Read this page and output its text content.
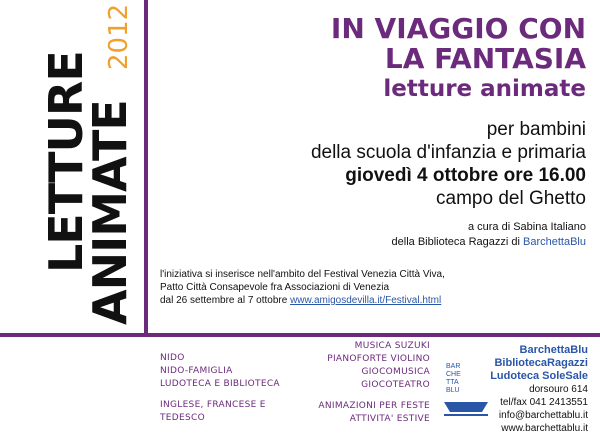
LETTURE
ANIMATE
2012	IN VIAGGIO CON
LA FANTASIA
letture animate
per bambini
della scuola d'infanzia e primaria
giovedì 4 ottobre ore 16.00
campo del Ghetto
a cura di Sabina Italiano
della Biblioteca Ragazzi di BarchettaBlu
l'iniziativa si inserisce nell'ambito del Festival Venezia Città Viva,
Patto Città Consapevole fra Associazioni di Venezia
dal 26 settembre al 7 ottobre www.amigosdevilla.it/Festival.html
NIDO
NIDO-FAMIGLIA
LUDOTECA E BIBLIOTECA
INGLESE, FRANCESE E
TEDESCO
MUSICA SUZUKI
PIANOFORTE VIOLINO
GIOCOMUSICA
GIOCOTEATRO
ANIMAZIONI PER FESTE
ATTIVITA' ESTIVE
BAR
CHE
TTA
BLU
BarchettaBlu
BibliotecaRagazzi
Ludoteca SoleSale
dorsouro 614
tel/fax 041 2413551
info@barchettablu.it
www.barchettablu.it
